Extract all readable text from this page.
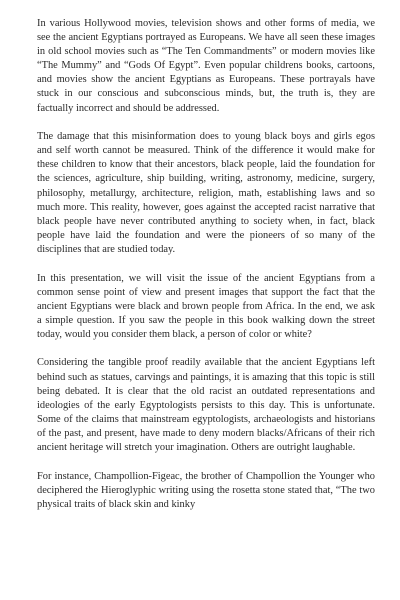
In various Hollywood movies, television shows and other forms of media, we see the ancient Egyptians portrayed as Europeans. We have all seen these images in old school movies such as “The Ten Commandments” or modern movies like “The Mummy” and “Gods Of Egypt”. Even popular childrens books, cartoons, and movies show the ancient Egyptians as Europeans. These portrayals have stuck in our conscious and subconscious minds, but, the truth is, they are factually incorrect and should be addressed.

The damage that this misinformation does to young black boys and girls egos and self worth cannot be measured. Think of the difference it would make for these children to know that their ancestors, black people, laid the foundation for the sciences, agriculture, ship building, writing, astronomy, medicine, surgery, philosophy, metallurgy, architecture, religion, math, establishing laws and so much more. This reality, however, goes against the accepted racist narrative that black people have never contributed anything to society when, in fact, black people have laid the foundation and were the pioneers of so many of the disciplines that are studied today.

In this presentation, we will visit the issue of the ancient Egyptians from a common sense point of view and present images that support the fact that the ancient Egyptians were black and brown people from Africa. In the end, we ask a simple question. If you saw the people in this book walking down the street today, would you consider them black, a person of color or white?

Considering the tangible proof readily available that the ancient Egyptians left behind such as statues, carvings and paintings, it is amazing that this topic is still being debated. It is clear that the old racist an outdated representations and ideologies of the early Egyptologists persists to this day. This is unfortunate. Some of the claims that mainstream egyptologists, archaeologists and historians of the past, and present, have made to deny modern blacks/Africans of their rich ancient heritage will stretch your imagination. Others are outright laughable.

For instance, Champollion-Figeac, the brother of Champollion the Younger who deciphered the Hieroglyphic writing using the rosetta stone stated that, “The two physical traits of black skin and kinky
